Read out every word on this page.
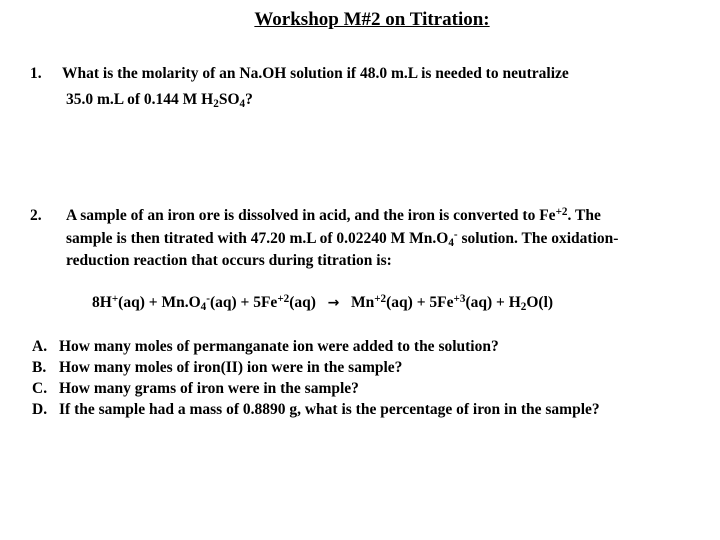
Workshop M#2 on Titration:
1. What is the molarity of an Na.OH solution if 48.0 m.L is needed to neutralize
35.0 m.L of 0.144 M $H_2SO_4$?
2. A sample of an iron ore is dissolved in acid, and the iron is converted to $Fe^{+2}$. The
sample is then titrated with 47.20 m.L of 0.02240 M $Mn.O_4^-$ solution. The oxidation-
reduction reaction that occurs during titration is:
$8H^+(aq) + Mn.O_4^-(aq) + 5Fe^{+2}(aq) \to Mn^{+2}(aq) + 5Fe^{+3}(aq) + H_2O(l)$
A. How many moles of permanganate ion were added to the solution?
B. How many moles of iron(II) ion were in the sample?
C. How many grams of iron were in the sample?
D. If the sample had a mass of 0.8890 g, what is the percentage of iron in the sample?
